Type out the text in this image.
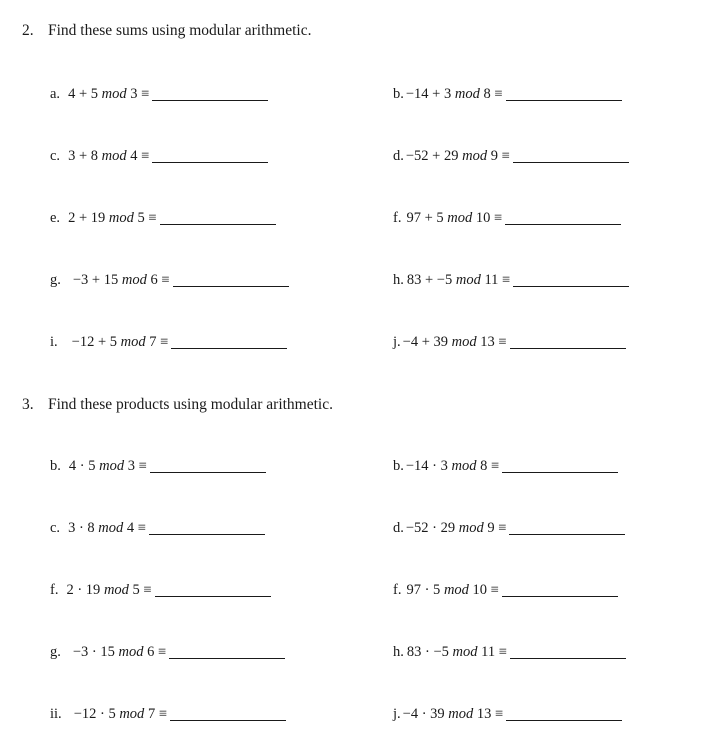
2. Find these sums using modular arithmetic.
a. 4 + 5
mod
3 ≡	b. −14 + 3
mod
8 ≡
c. 3 + 8
mod
4 ≡	d. −52 + 29
mod
9 ≡
e. 2 + 19
mod
5 ≡	f. 97 + 5
mod
10 ≡
g. −3 + 15
mod
6 ≡	h. 83 + −5
mod
11 ≡
i. −12 + 5
mod
7 ≡	j. −4 + 39
mod
13 ≡
3. Find these products using modular arithmetic.
b. 4 · 5
mod
3 ≡	b. −14 · 3
mod
8 ≡
c. 3 · 8
mod
4 ≡	d. −52 · 29
mod
9 ≡
f. 2 · 19
mod
5 ≡	f. 97 · 5
mod
10 ≡
g. −3 · 15
mod
6 ≡	h. 83 · −5
mod
11 ≡
ii. −12 · 5
mod
7 ≡	j. −4 · 39
mod
13 ≡
